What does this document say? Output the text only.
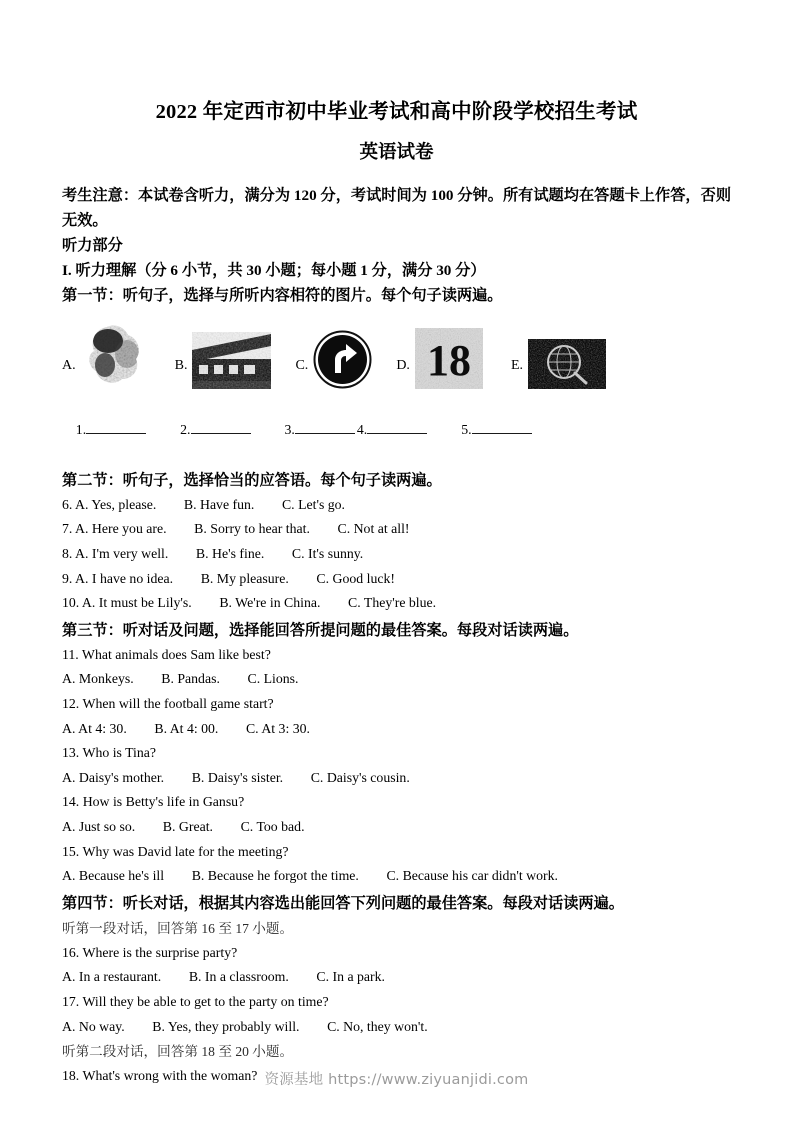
2022 年定西市初中毕业考试和高中阶段学校招生考试
英语试卷

考生注意：本试卷含听力，满分为 120 分，考试时间为 100 分钟。所有试题均在答题卡上作答，否则无效。

听力部分

I. 听力理解（分 6 小节，共 30 小题；每小题 1 分，满分 30 分）

第一节：听句子，选择与所听内容相符的图片。每个句子读两遍。

A.	B.	C.	D. 18	E.

1.	2.	3.	4.	5.

第二节：听句子，选择恰当的应答语。每个句子读两遍。

6. A. Yes, please.        B. Have fun.        C. Let's go.

7. A. Here you are.        B. Sorry to hear that.        C. Not at all!

8. A. I'm very well.        B. He's fine.        C. It's sunny.

9. A. I have no idea.        B. My pleasure.        C. Good luck!

10. A. It must be Lily's.        B. We're in China.        C. They're blue.

第三节：听对话及问题，选择能回答所提问题的最佳答案。每段对话读两遍。

11. What animals does Sam like best?

A. Monkeys.        B. Pandas.        C. Lions.

12. When will the football game start?

A. At 4: 30.        B. At 4: 00.        C. At 3: 30.

13. Who is Tina?

A. Daisy's mother.        B. Daisy's sister.        C. Daisy's cousin.

14. How is Betty's life in Gansu?

A. Just so so.        B. Great.        C. Too bad.

15. Why was David late for the meeting?

A. Because he's ill        B. Because he forgot the time.        C. Because his car didn't work.

第四节：听长对话，根据其内容选出能回答下列问题的最佳答案。每段对话读两遍。

听第一段对话，回答第 16 至 17 小题。

16. Where is the surprise party?

A. In a restaurant.        B. In a classroom.        C. In a park.

17. Will they be able to get to the party on time?

A. No way.        B. Yes, they probably will.        C. No, they won't.

听第二段对话，回答第 18 至 20 小题。

18. What's wrong with the woman? 资源基地 https://www.ziyuanjidi.com
